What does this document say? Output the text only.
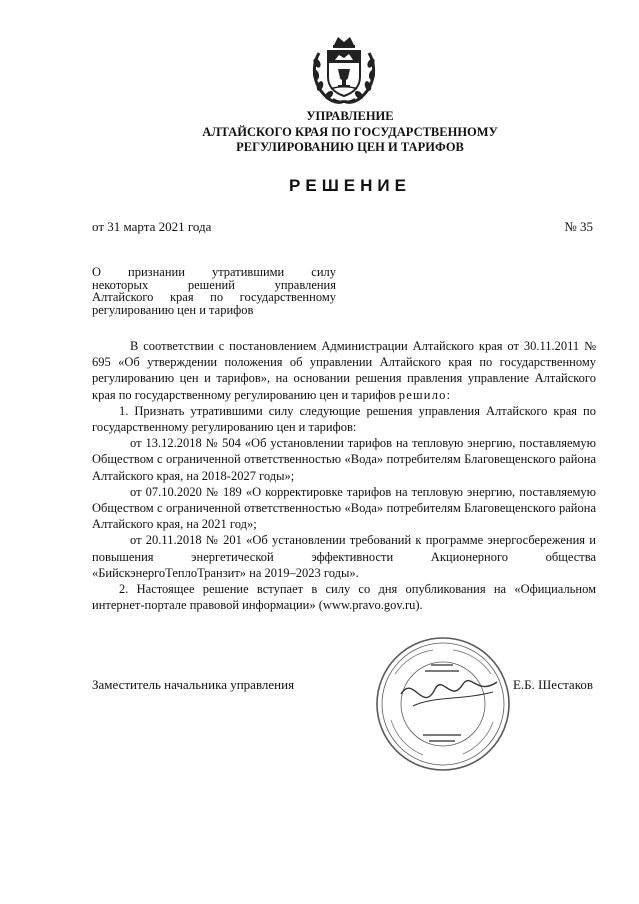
УПРАВЛЕНИЕ
АЛТАЙСКОГО КРАЯ ПО ГОСУДАРСТВЕННОМУ
РЕГУЛИРОВАНИЮ ЦЕН И ТАРИФОВ
РЕШЕНИЕ
от 31 марта 2021 года	№ 35
О признании утратившими силу
некоторых решений управления
Алтайского края по государственному
регулированию цен и тарифов

В соответствии с постановлением Администрации Алтайского края от 30.11.2011 № 695 «Об утверждении положения об управлении Алтайского края по государственному регулированию цен и тарифов», на основании решения правления управление Алтайского края по государственному регулированию цен и тарифов решило:

1. Признать утратившими силу следующие решения управления Алтайского края по государственному регулированию цен и тарифов:

от 13.12.2018 № 504 «Об установлении тарифов на тепловую энергию, поставляемую Обществом с ограниченной ответственностью «Вода» потребителям Благовещенского района Алтайского края, на 2018-2027 годы»;

от 07.10.2020 № 189 «О корректировке тарифов на тепловую энергию, поставляемую Обществом с ограниченной ответственностью «Вода» потребителям Благовещенского района Алтайского края, на 2021 год»;

от 20.11.2018 № 201 «Об установлении требований к программе энергосбережения и повышения энергетической эффективности Акционерного общества «БийскэнергоТеплоТранзит» на 2019–2023 годы».

2. Настоящее решение вступает в силу со дня опубликования на «Официальном интернет-портале правовой информации» (www.pravo.gov.ru).

Заместитель начальника управления	Е.Б. Шестаков
